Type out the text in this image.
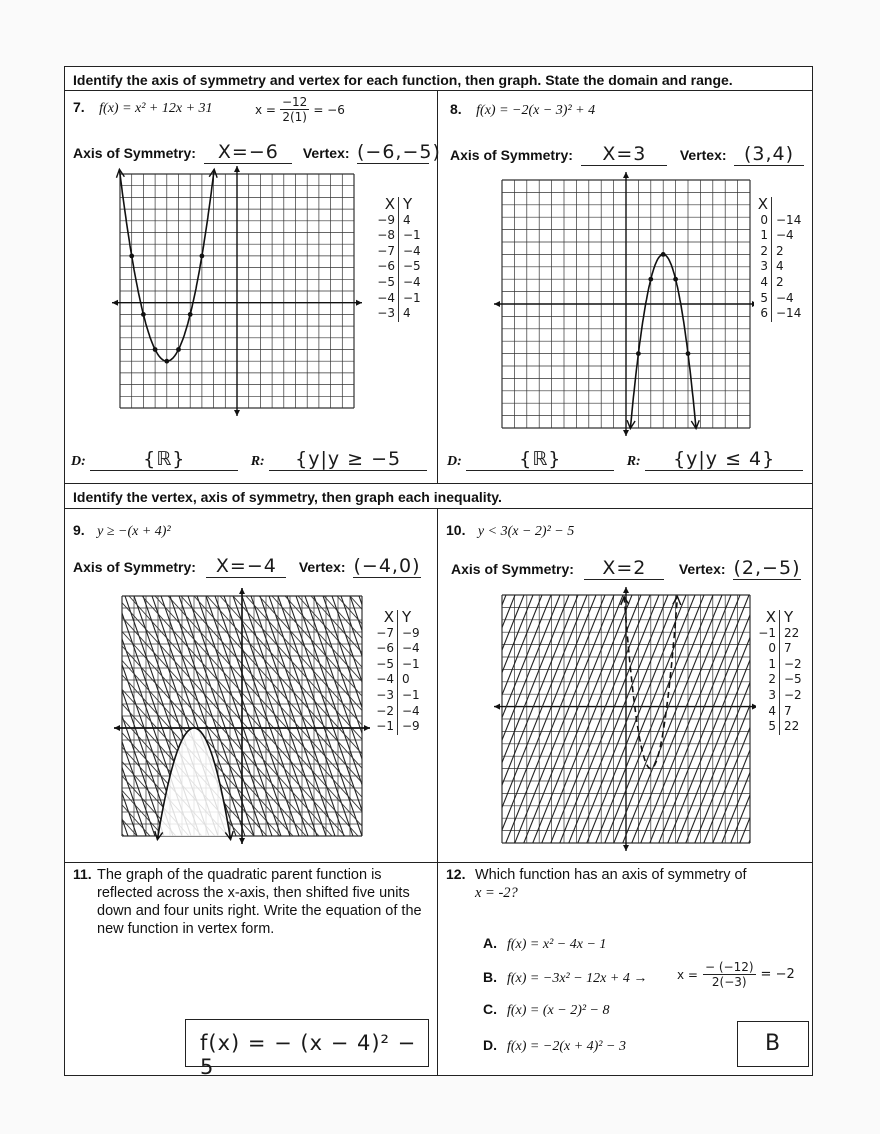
Identify the axis of symmetry and vertex for each function, then graph. State the domain and range.
Identify the vertex, axis of symmetry, then graph each inequality.
7. f(x) = x² + 12x + 31	$x = \frac{-12}{2(1)} = -6$
Axis of Symmetry: X=−6 Vertex: (−6,−5)
D:	{ℝ}	R: {y|y ≥ −5
8. f(x) = −2(x − 3)² + 4
Axis of Symmetry: X=3 Vertex: (3,4)
D:	{ℝ}	R: {y|y ≤ 4}
9. y ≥ −(x + 4)²
Axis of Symmetry: X=−4 Vertex: (−4,0)
10. y < 3(x − 2)² − 5
Axis of Symmetry: X=2 Vertex: (2,−5)
11. The graph of the quadratic parent function is reflected across the x-axis, then shifted five units down and four units right. Write the equation of the new function in vertex form.
f(x) = − (x − 4)² − 5
12. Which function has an axis of symmetry of
x = -2?
A. f(x) = x² − 4x − 1
B. f(x) = −3x² − 12x + 4 →
C. f(x) = (x − 2)² − 8
D. f(x) = −2(x + 4)² − 3
$x = \frac{- (-12)}{2(-3)} = -2$
B
X Y
−9 4
−8 −1
−7 −4
−6 −5
−5 −4
−4 −1
−3 4
X
0 −14
1 −4
2 2
3 4
4 2
5 −4
6 −14
X Y
−7 −9
−6 −4
−5 −1
−4 0
−3 −1
−2 −4
−1 −9
X Y
−1 22
0 7
1 −2
2 −5
3 −2
4 7
5 22
